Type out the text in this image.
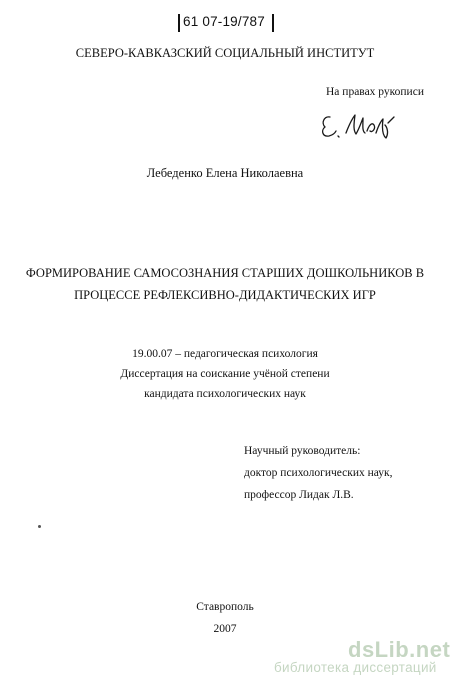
61 07-19/787
СЕВЕРО-КАВКАЗСКИЙ СОЦИАЛЬНЫЙ ИНСТИТУТ
На правах рукописи
Лебеденко Елена Николаевна
ФОРМИРОВАНИЕ САМОСОЗНАНИЯ СТАРШИХ ДОШКОЛЬНИКОВ В
ПРОЦЕССЕ РЕФЛЕКСИВНО-ДИДАКТИЧЕСКИХ ИГР
19.00.07 – педагогическая психология
Диссертация на соискание учёной степени
кандидата психологических наук
Научный руководитель:
доктор психологических наук,
профессор Лидак Л.В.
Ставрополь
2007
dsLib.net
библиотека диссертаций
